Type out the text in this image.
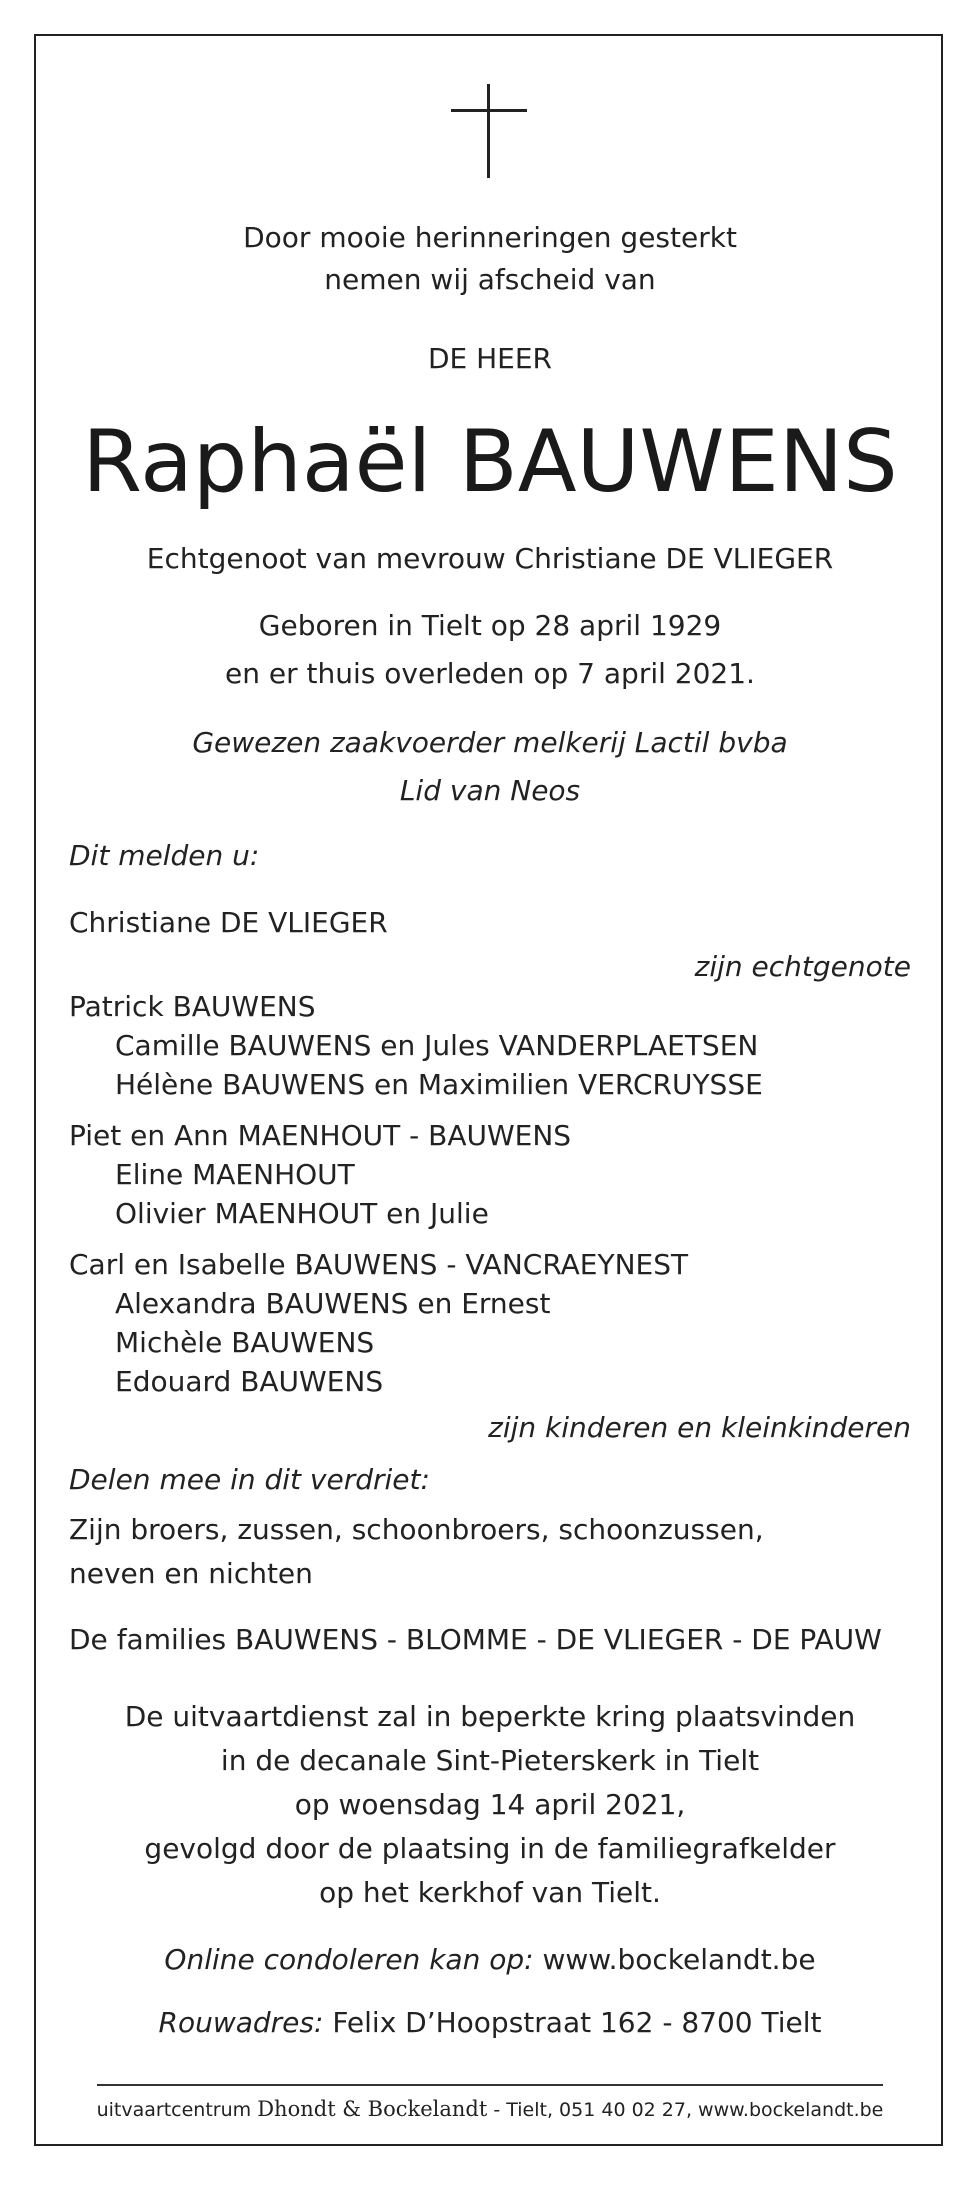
Door mooie herinneringen gesterkt
nemen wij afscheid van
DE HEER
Raphaël BAUWENS
Echtgenoot van mevrouw Christiane DE VLIEGER
Geboren in Tielt op 28 april 1929
en er thuis overleden op 7 april 2021.
Gewezen zaakvoerder melkerij Lactil bvba
Lid van Neos
Dit melden u:
Christiane DE VLIEGER
zijn echtgenote
Patrick BAUWENS
Camille BAUWENS en Jules VANDERPLAETSEN
Hélène BAUWENS en Maximilien VERCRUYSSE
Piet en Ann MAENHOUT - BAUWENS
Eline MAENHOUT
Olivier MAENHOUT en Julie
Carl en Isabelle BAUWENS - VANCRAEYNEST
Alexandra BAUWENS en Ernest
Michèle BAUWENS
Edouard BAUWENS
zijn kinderen en kleinkinderen
Delen mee in dit verdriet:
Zijn broers, zussen, schoonbroers, schoonzussen,
neven en nichten
De families BAUWENS - BLOMME - DE VLIEGER - DE PAUW
De uitvaartdienst zal in beperkte kring plaatsvinden
in de decanale Sint-Pieterskerk in Tielt
op woensdag 14 april 2021,
gevolgd door de plaatsing in de familiegrafkelder
op het kerkhof van Tielt.
Online condoleren kan op: www.bockelandt.be
Rouwadres: Felix D’Hoopstraat 162 - 8700 Tielt
uitvaartcentrum Dhondt & Bockelandt - Tielt, 051 40 02 27, www.bockelandt.be
